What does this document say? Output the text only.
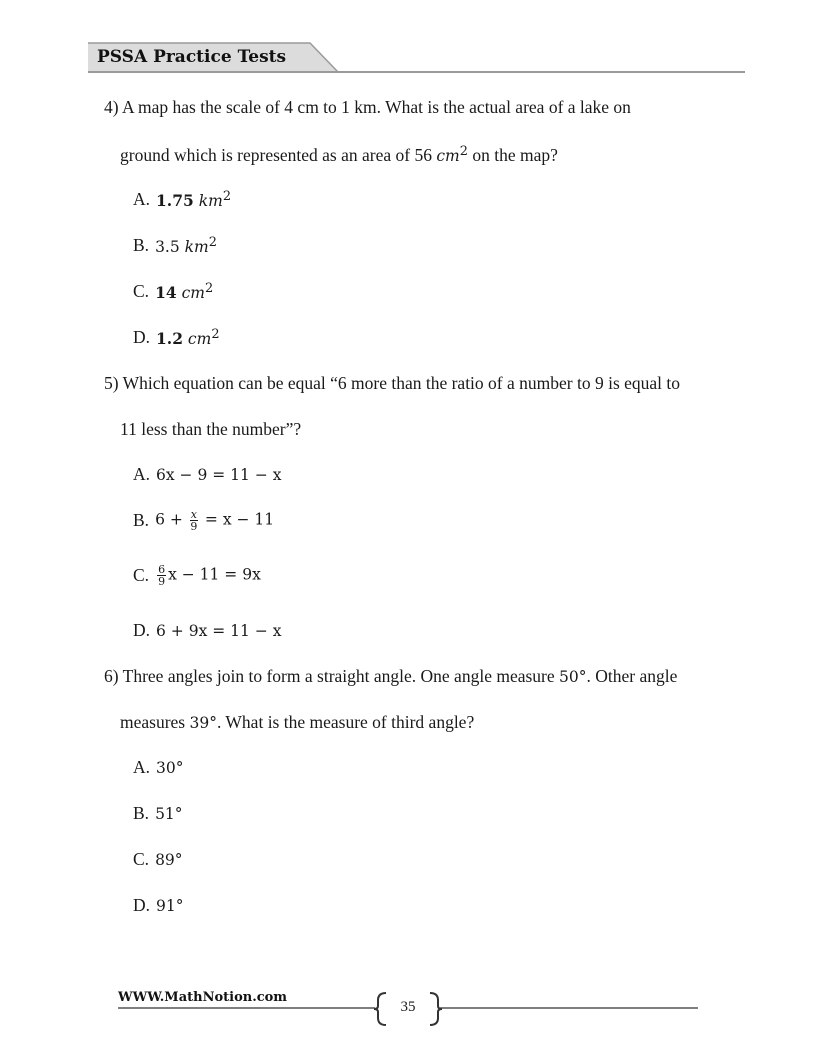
PSSA Practice Tests
4) A map has the scale of 4 cm to 1 km. What is the actual area of a lake on
ground which is represented as an area of 56 $cm^2$ on the map?
A. 1.75 $km^2$
B. 3.5 $km^2$
C. 14 $cm^2$
D. 1.2 $cm^2$
5) Which equation can be equal “6 more than the ratio of a number to 9 is equal to
11 less than the number”?
A. 6x − 9 = 11 − x
B. $6 + \frac{x}{9} = x - 11$
C. $\frac{6}{9}$ x − 11 = 9x
D. 6 + 9x = 11 − x
6) Three angles join to form a straight angle. One angle measure 50°. Other angle
measures 39°. What is the measure of third angle?
A. 30°
B. 51°
C. 89°
D. 91°
WWW.MathNotion.com
35
